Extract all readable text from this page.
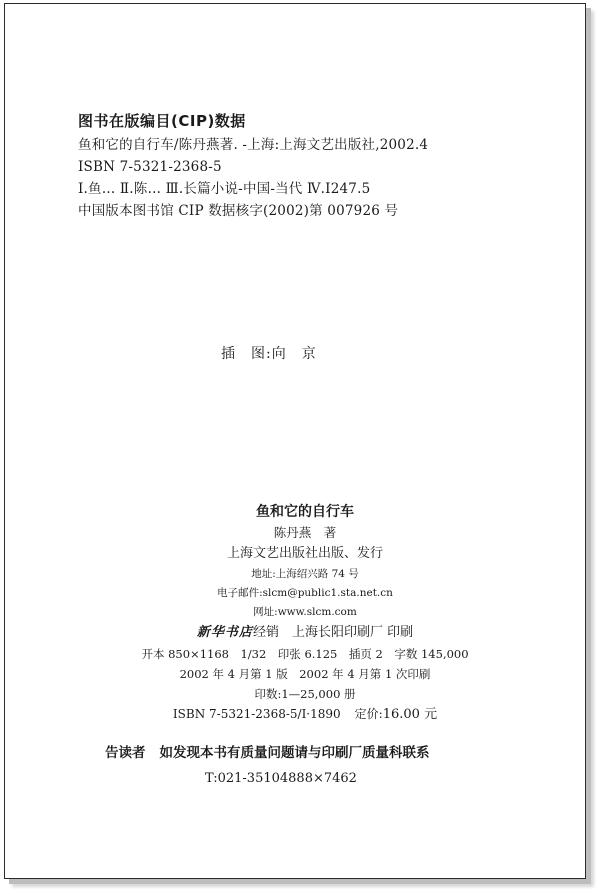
图书在版编目(CIP)数据
鱼和它的自行车/陈丹燕著. -上海:上海文艺出版社,2002.4
ISBN 7-5321-2368-5
Ⅰ.鱼… Ⅱ.陈… Ⅲ.长篇小说-中国-当代 Ⅳ.I247.5
中国版本图书馆 CIP 数据核字(2002)第 007926 号
插　图:向　京
鱼和它的自行车
陈丹燕　著
上海文艺出版社出版、发行
地址:上海绍兴路 74 号
电子邮件:slcm@public1.sta.net.cn
网址:www.slcm.com
新华书店经销　上海长阳印刷厂 印刷
开本 850×1168　1/32　印张 6.125　插页 2　字数 145,000
2002 年 4 月第 1 版　2002 年 4 月第 1 次印刷
印数:1—25,000 册
ISBN 7-5321-2368-5/I·1890 定价:16.00 元
告读者 如发现本书有质量问题请与印刷厂质量科联系
T:021-35104888×7462
